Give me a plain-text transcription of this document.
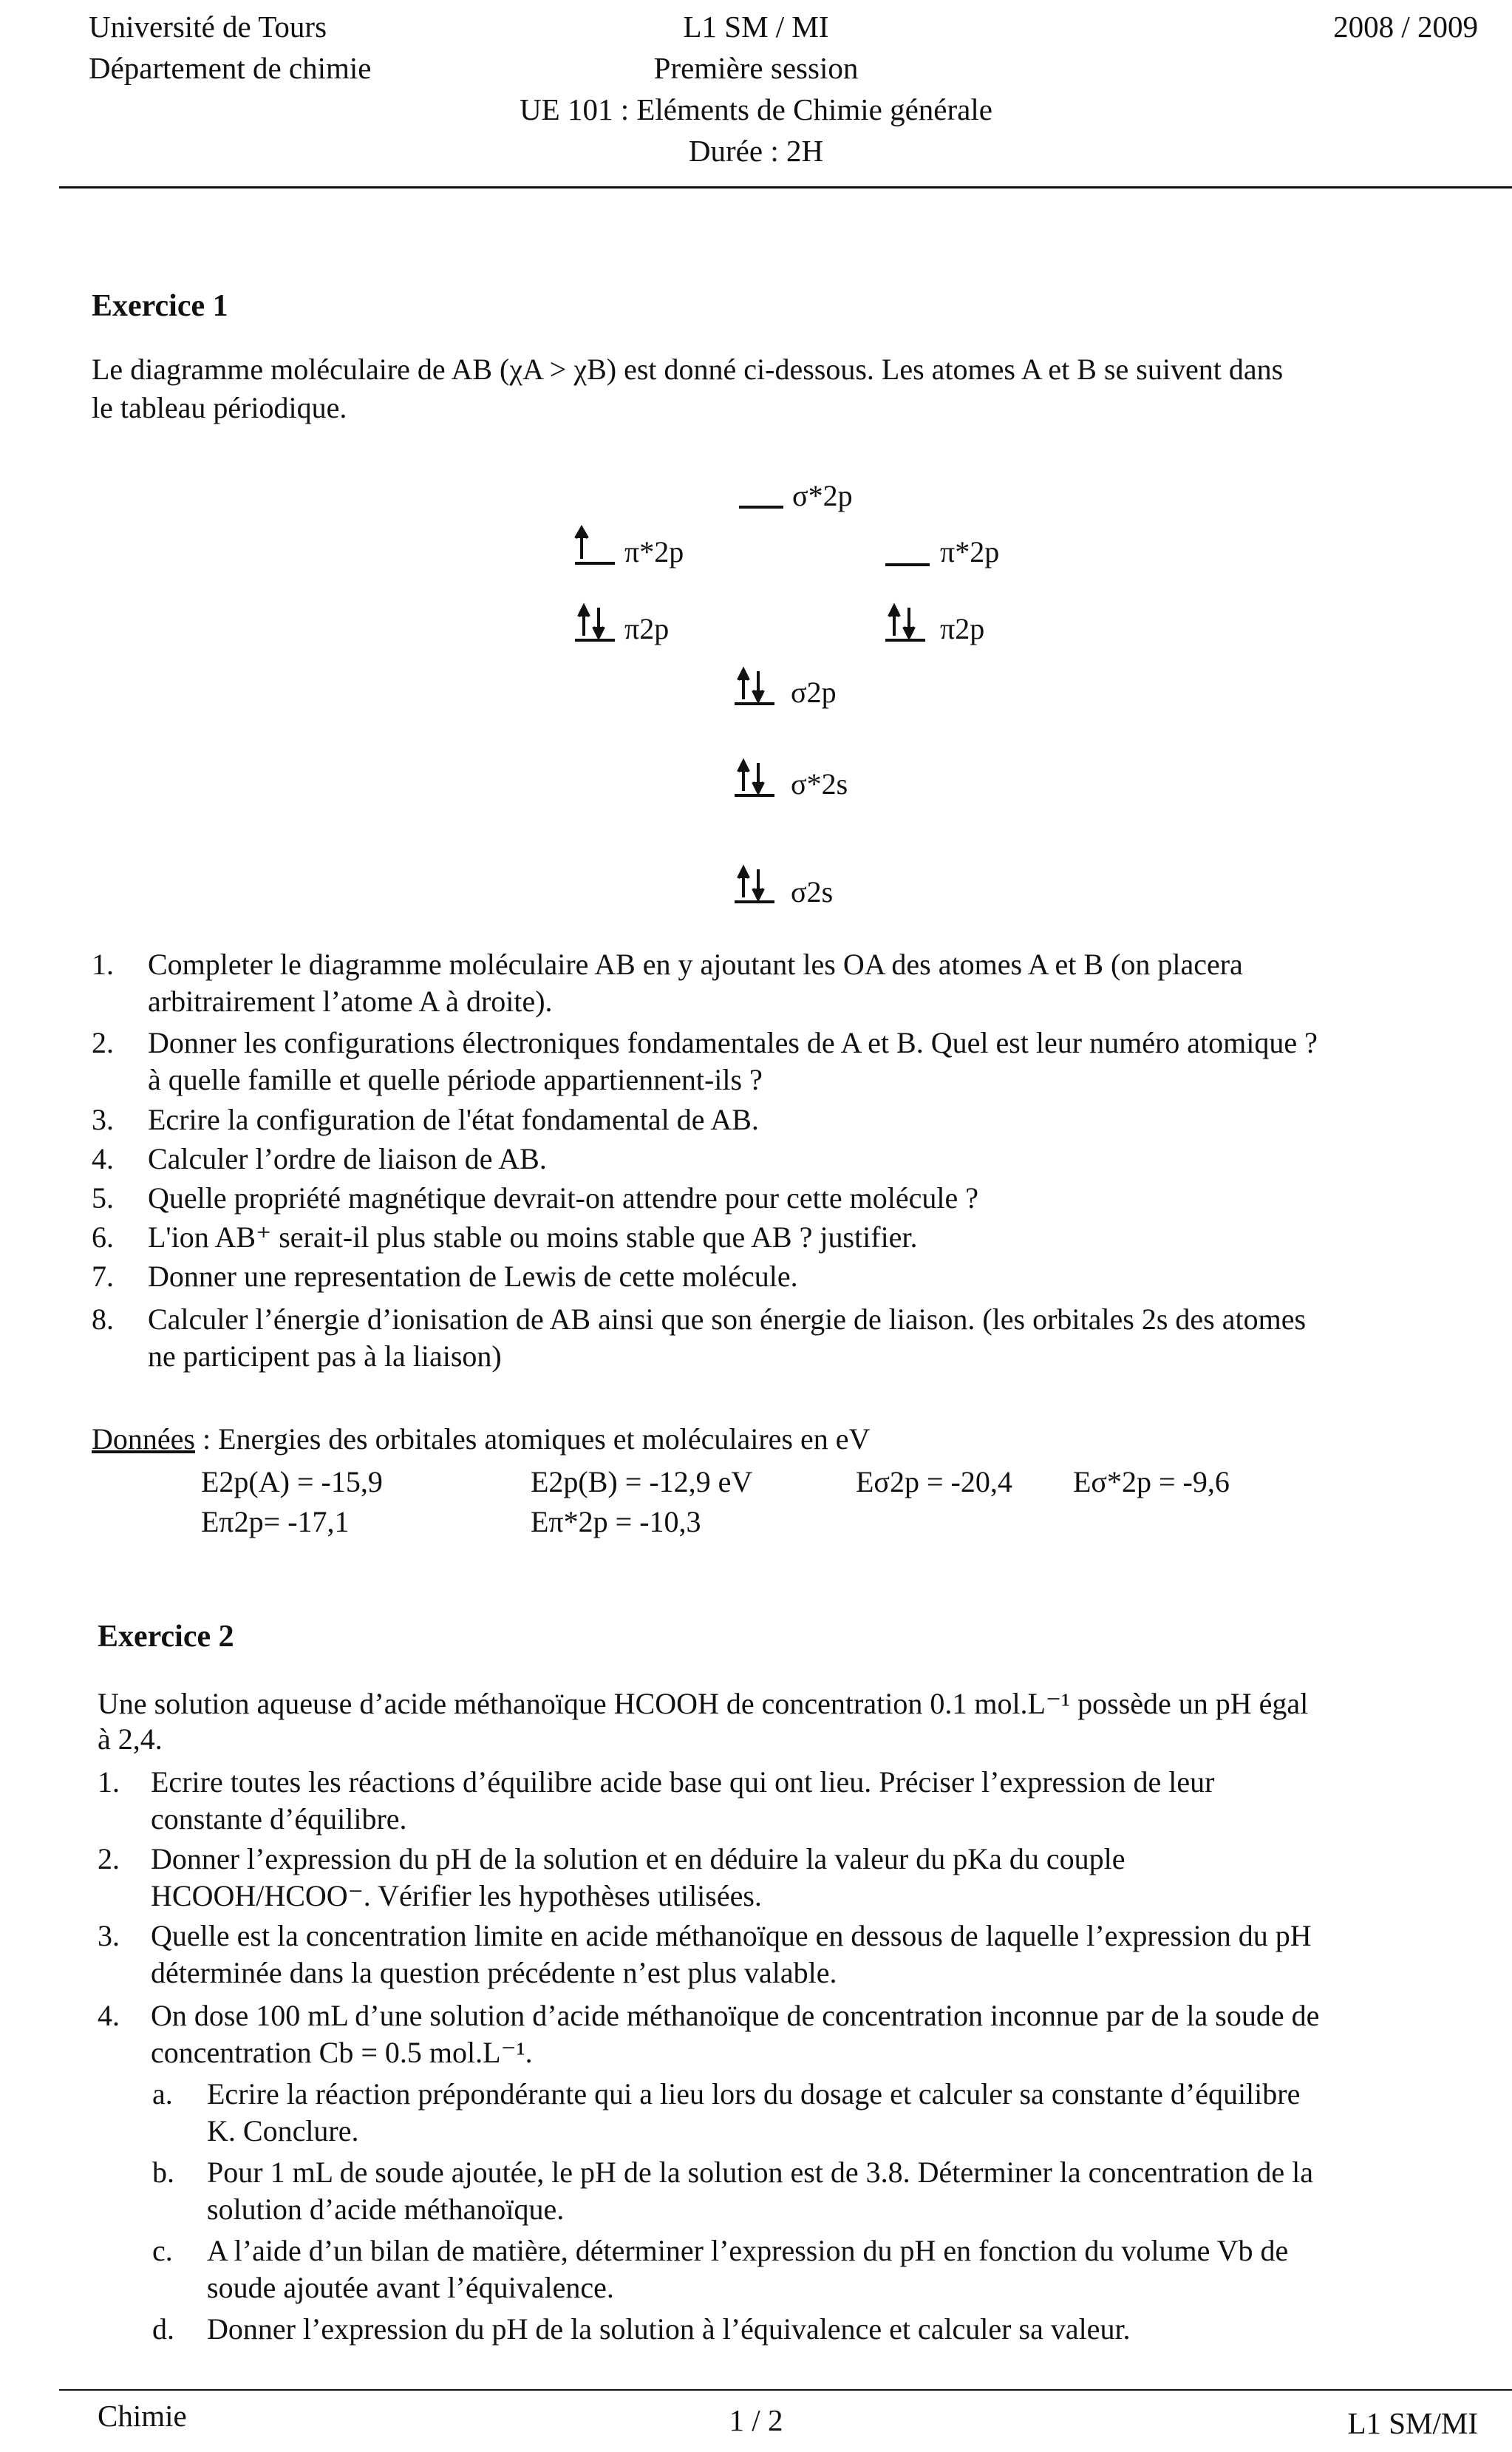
Université de Tours
Département de chimie
L1 SM / MI
Première session
UE 101 : Eléments de Chimie générale
Durée : 2H
2008 / 2009
Exercice 1
Le diagramme moléculaire de AB (χA > χB) est donné ci-dessous. Les atomes A et B se suivent dans
le tableau périodique.
σ*2p
π*2p	π*2p
π2p	π2p
σ2p
σ*2s
σ2s
1. Completer le diagramme moléculaire AB en y ajoutant les OA des atomes A et B (on placera
arbitrairement l’atome A à droite).
2. Donner les configurations électroniques fondamentales de A et B. Quel est leur numéro atomique ?
à quelle famille et quelle période appartiennent-ils ?
3. Ecrire la configuration de l'état fondamental de AB.
4. Calculer l’ordre de liaison de AB.
5. Quelle propriété magnétique devrait-on attendre pour cette molécule ?
6. L'ion AB⁺ serait-il plus stable ou moins stable que AB ? justifier.
7. Donner une representation de Lewis de cette molécule.
8. Calculer l’énergie d’ionisation de AB ainsi que son énergie de liaison. (les orbitales 2s des atomes
ne participent pas à la liaison)
Données : Energies des orbitales atomiques et moléculaires en eV
E2p(A) = -15,9	E2p(B) = -12,9 eV	Eσ2p = -20,4 Eσ*2p = -9,6
Eπ2p= -17,1	Eπ*2p = -10,3
Exercice 2
Une solution aqueuse d’acide méthanoïque HCOOH de concentration 0.1 mol.L⁻¹ possède un pH égal
à 2,4.
1. Ecrire toutes les réactions d’équilibre acide base qui ont lieu. Préciser l’expression de leur
constante d’équilibre.
2. Donner l’expression du pH de la solution et en déduire la valeur du pKa du couple
HCOOH/HCOO⁻. Vérifier les hypothèses utilisées.
3. Quelle est la concentration limite en acide méthanoïque en dessous de laquelle l’expression du pH
déterminée dans la question précédente n’est plus valable.
4. On dose 100 mL d’une solution d’acide méthanoïque de concentration inconnue par de la soude de
concentration Cb = 0.5 mol.L⁻¹.
a. Ecrire la réaction prépondérante qui a lieu lors du dosage et calculer sa constante d’équilibre
K. Conclure.
b. Pour 1 mL de soude ajoutée, le pH de la solution est de 3.8. Déterminer la concentration de la
solution d’acide méthanoïque.
c. A l’aide d’un bilan de matière, déterminer l’expression du pH en fonction du volume Vb de
soude ajoutée avant l’équivalence.
d. Donner l’expression du pH de la solution à l’équivalence et calculer sa valeur.
Chimie	1 / 2	L1 SM/MI
